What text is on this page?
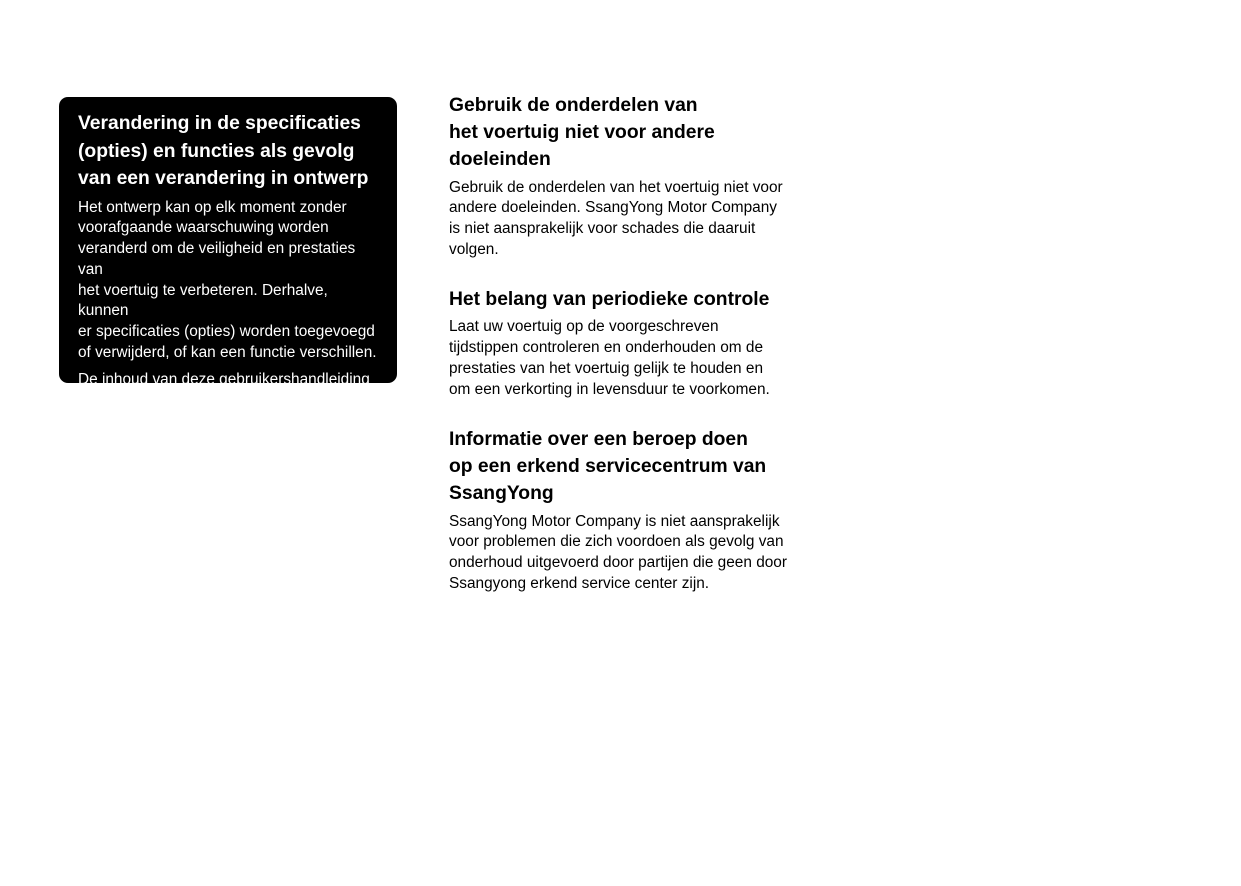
Verandering in de specificaties
(opties) en functies als gevolg
van een verandering in ontwerp

Het ontwerp kan op elk moment zonder
voorafgaande waarschuwing worden
veranderd om de veiligheid en prestaties van
het voertuig te verbeteren. Derhalve, kunnen
er specificaties (opties) worden toegevoegd
of verwijderd, of kan een functie verschillen.

De inhoud van deze gebruikershandleiding
wijkt mogelijk af van uw voertuig.

Gebruik de onderdelen van
het voertuig niet voor andere
doeleinden

Gebruik de onderdelen van het voertuig niet voor
andere doeleinden. SsangYong Motor Company
is niet aansprakelijk voor schades die daaruit
volgen.

Het belang van periodieke controle

Laat uw voertuig op de voorgeschreven
tijdstippen controleren en onderhouden om de
prestaties van het voertuig gelijk te houden en
om een verkorting in levensduur te voorkomen.

Informatie over een beroep doen
op een erkend servicecentrum van
SsangYong

SsangYong Motor Company is niet aansprakelijk
voor problemen die zich voordoen als gevolg van
onderhoud uitgevoerd door partijen die geen door
Ssangyong erkend service center zijn.
